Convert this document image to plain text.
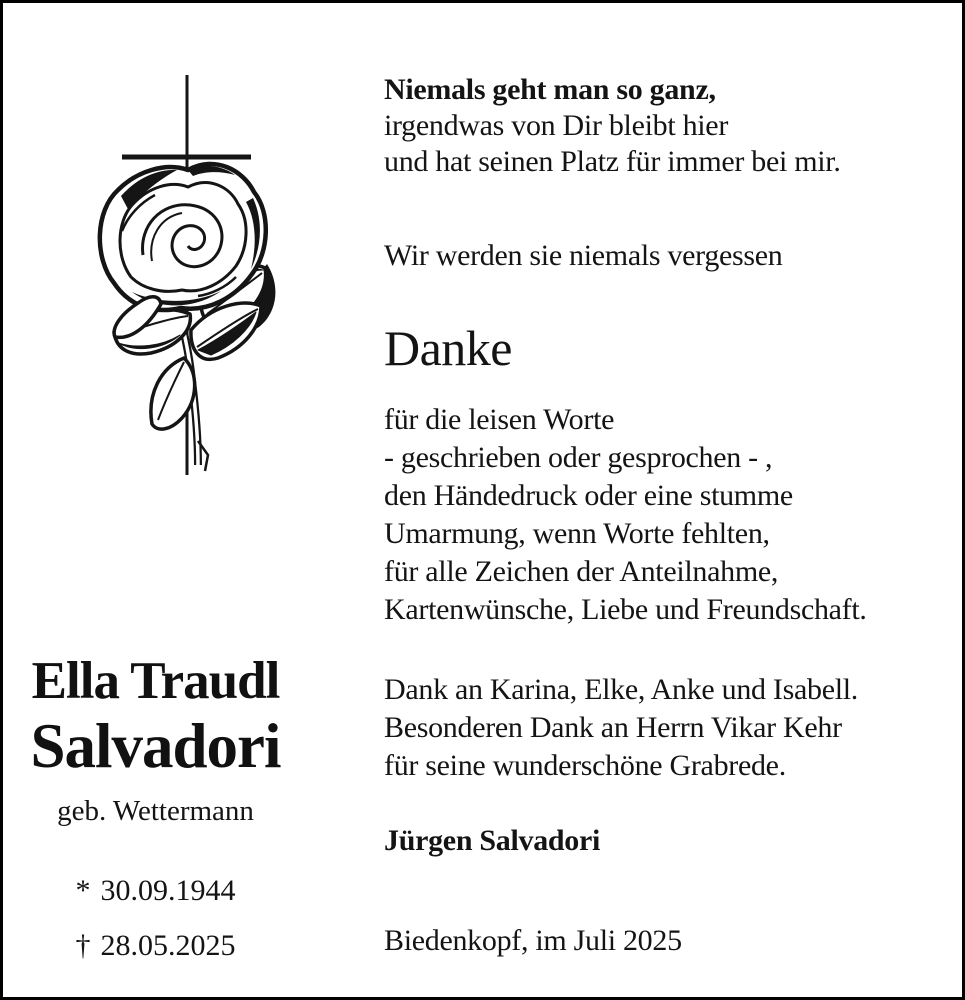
Ella Traudl
Salvadori
geb. Wettermann
* 30.09.1944
† 28.05.2025
Niemals geht man so ganz,
irgendwas von Dir bleibt hier
und hat seinen Platz für immer bei mir.
Wir werden sie niemals vergessen
Danke
für die leisen Worte
- geschrieben oder gesprochen - ,
den Händedruck oder eine stumme
Umarmung, wenn Worte fehlten,
für alle Zeichen der Anteilnahme,
Kartenwünsche, Liebe und Freundschaft.
Dank an Karina, Elke, Anke und Isabell.
Besonderen Dank an Herrn Vikar Kehr
für seine wunderschöne Grabrede.
Jürgen Salvadori
Biedenkopf, im Juli 2025
